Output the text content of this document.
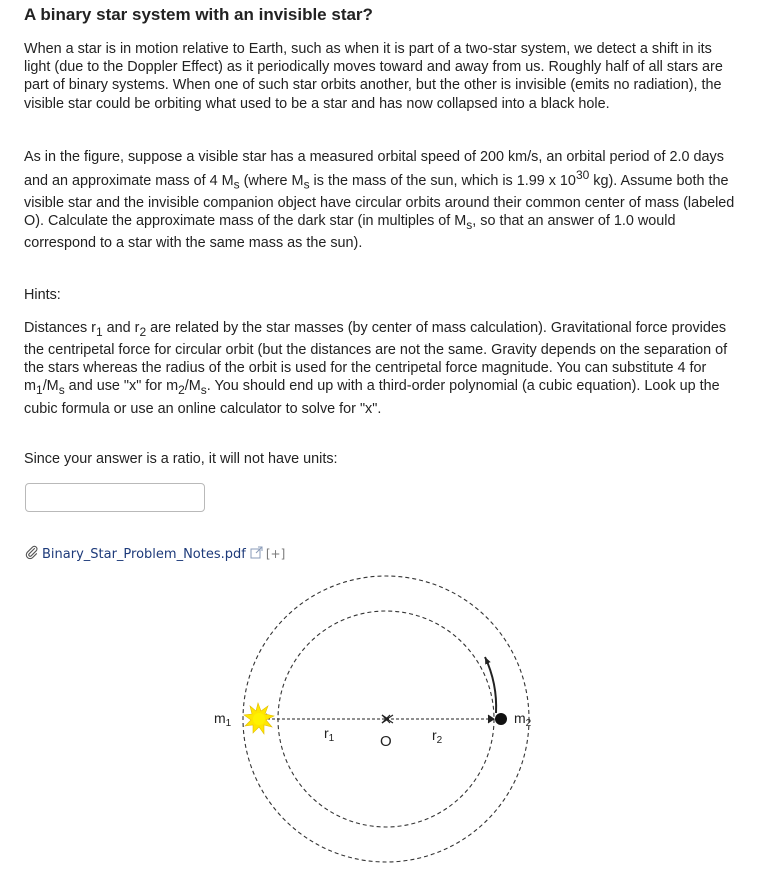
A binary star system with an invisible star?

When a star is in motion relative to Earth, such as when it is part of a two-star system, we detect a shift in its light (due to the Doppler Effect) as it periodically moves toward and away from us. Roughly half of all stars are part of binary systems. When one of such star orbits another, but the other is invisible (emits no radiation), the visible star could be orbiting what used to be a star and has now collapsed into a black hole.

As in the figure, suppose a visible star has a measured orbital speed of 200 km/s, an orbital period of 2.0 days and an approximate mass of 4 $M_s$ (where $M_s$ is the mass of the sun, which is 1.99 x $10^{30}$ kg). Assume both the visible star and the invisible companion object have circular orbits around their common center of mass (labeled O). Calculate the approximate mass of the dark star (in multiples of $M_s$, so that an answer of 1.0 would correspond to a star with the same mass as the sun).

Hints:

Distances $r_1$ and $r_2$ are related by the star masses (by center of mass calculation). Gravitational force provides the centripetal force for circular orbit (but the distances are not the same. Gravity depends on the separation of the stars whereas the radius of the orbit is used for the centripetal force magnitude. You can substitute 4 for $m_1/M_s$ and use "x" for $m_2/M_s$. You should end up with a third-order polynomial (a cubic equation). Look up the cubic formula or use an online calculator to solve for "x".

Since your answer is a ratio, it will not have units:

Binary_Star_Problem_Notes.pdf [+]
$m_1$	$m_2$
$r_1$	$r_2$
O
